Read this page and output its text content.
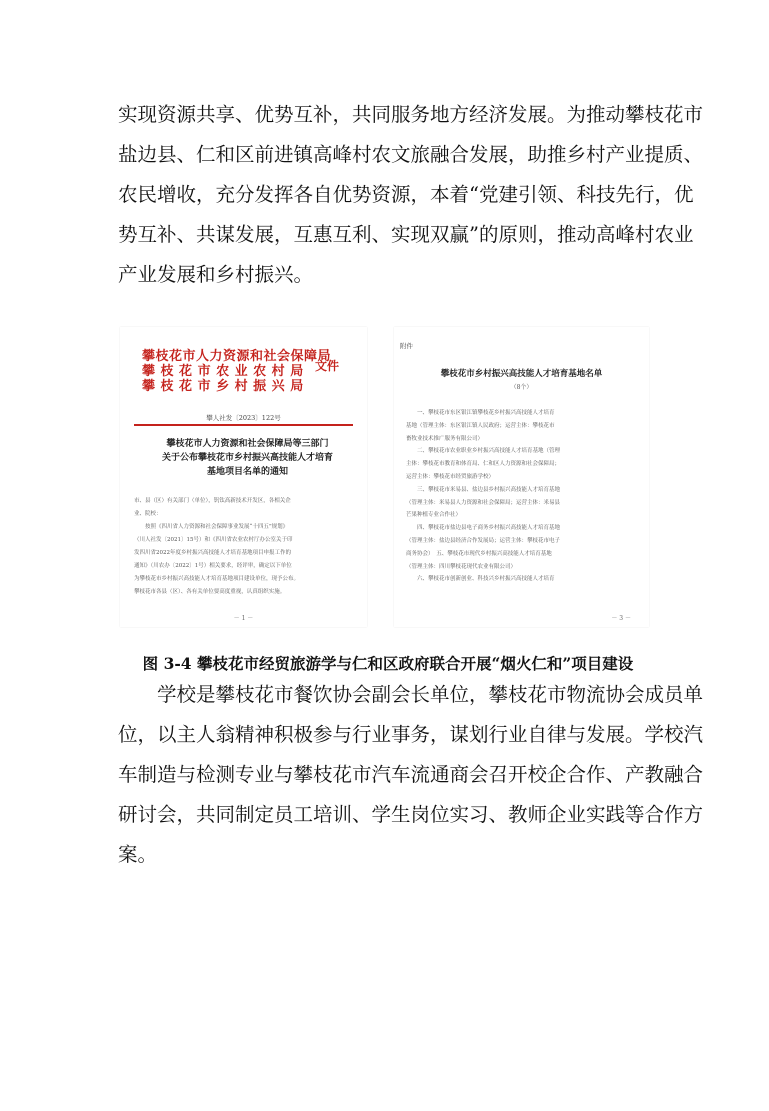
实现资源共享、优势互补，共同服务地方经济发展。为推动攀枝花市
盐边县、仁和区前进镇高峰村农文旅融合发展，助推乡村产业提质、
农民增收，充分发挥各自优势资源，本着“党建引领、科技先行，优
势互补、共谋发展，互惠互利、实现双赢”的原则，推动高峰村农业
产业发展和乡村振兴。
攀枝花市人力资源和社会保障局
攀 枝 花 市 农 业 农 村 局
攀 枝 花 市 乡 村 振 兴 局
文件
攀人社发〔2023〕122号
攀枝花市人力资源和社会保障局等三部门
关于公布攀枝花市乡村振兴高技能人才培育
基地项目名单的通知
市、县（区）有关部门（单位），钒钛高新技术开发区，各相关企
业、院校：
　　按照《四川省人力资源和社会保障事业发展“十四五”规划》
（川人社发〔2021〕15号）和《四川省农业农村厅办公室关于印
发四川省2022年度乡村振兴高技能人才培育基地项目申报工作的
通知》（川农办〔2022〕1号）相关要求，经评审，确定以下单位
为攀枝花市乡村振兴高技能人才培育基地项目建设单位，现予公布。
攀枝花市各县（区）、各有关单位要高度重视，认真组织实施。
－ 1 －
附件
攀枝花市乡村振兴高技能人才培育基地名单
（8个）
　　一、攀枝花市东区银江镇攀枝花乡村振兴高技能人才培育
基地（管理主体：东区银江镇人民政府；运营主体：攀枝花市
畜牧业技术推广服务有限公司）
　　二、攀枝花市农业职业乡村振兴高技能人才培育基地（管理
主体：攀枝花市教育和体育局、仁和区人力资源和社会保障局；
运营主体：攀枝花市经贸旅游学校）
　　三、攀枝花市米易县、盐边县乡村振兴高技能人才培育基地
（管理主体：米易县人力资源和社会保障局；运营主体：米易县
芒果种植专业合作社）
　　四、攀枝花市盐边县电子商务乡村振兴高技能人才培育基地
（管理主体：盐边县经济合作发展局；运营主体：攀枝花市电子
商务协会）　五、攀枝花市现代乡村振兴高技能人才培育基地
（管理主体：四川攀枝花现代农业有限公司）
　　六、攀枝花市创新创业、科技兴乡村振兴高技能人才培育
－ 3 －
图 3-4 攀枝花市经贸旅游学与仁和区政府联合开展“烟火仁和”项目建设
　　学校是攀枝花市餐饮协会副会长单位，攀枝花市物流协会成员单
位，以主人翁精神积极参与行业事务，谋划行业自律与发展。学校汽
车制造与检测专业与攀枝花市汽车流通商会召开校企合作、产教融合
研讨会，共同制定员工培训、学生岗位实习、教师企业实践等合作方
案。
